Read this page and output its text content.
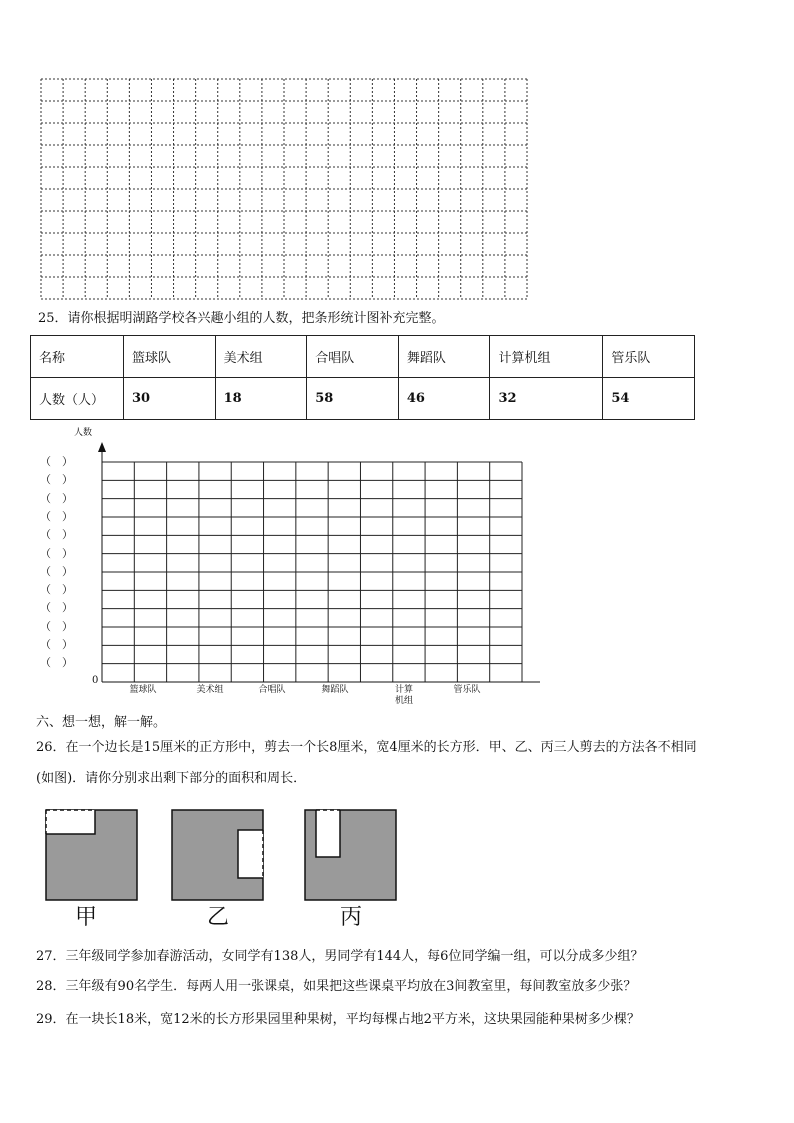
25．请你根据明湖路学校各兴趣小组的人数，把条形统计图补充完整。
名称	篮球队	美术组	合唱队	舞蹈队	计算机组	管乐队
人数（人）	30	18	58	46	32	54
人数
0
（　）
（　）
（　）
（　）
（　）
（　）
（　）
（　）
（　）
（　）
（　）
（　）
篮球队	美术组	合唱队	舞蹈队	计算
机组
管乐队
六、想一想，解一解。
26．在一个边长是15厘米的正方形中，剪去一个长8厘米，宽4厘米的长方形．甲、乙、丙三人剪去的方法各不相同
(如图)．请你分别求出剩下部分的面积和周长．
甲	乙	丙
27．三年级同学参加春游活动，女同学有138人，男同学有144人，每6位同学编一组，可以分成多少组？
28．三年级有90名学生．每两人用一张课桌，如果把这些课桌平均放在3间教室里，每间教室放多少张？
29．在一块长18米，宽12米的长方形果园里种果树，平均每棵占地2平方米，这块果园能种果树多少棵？
